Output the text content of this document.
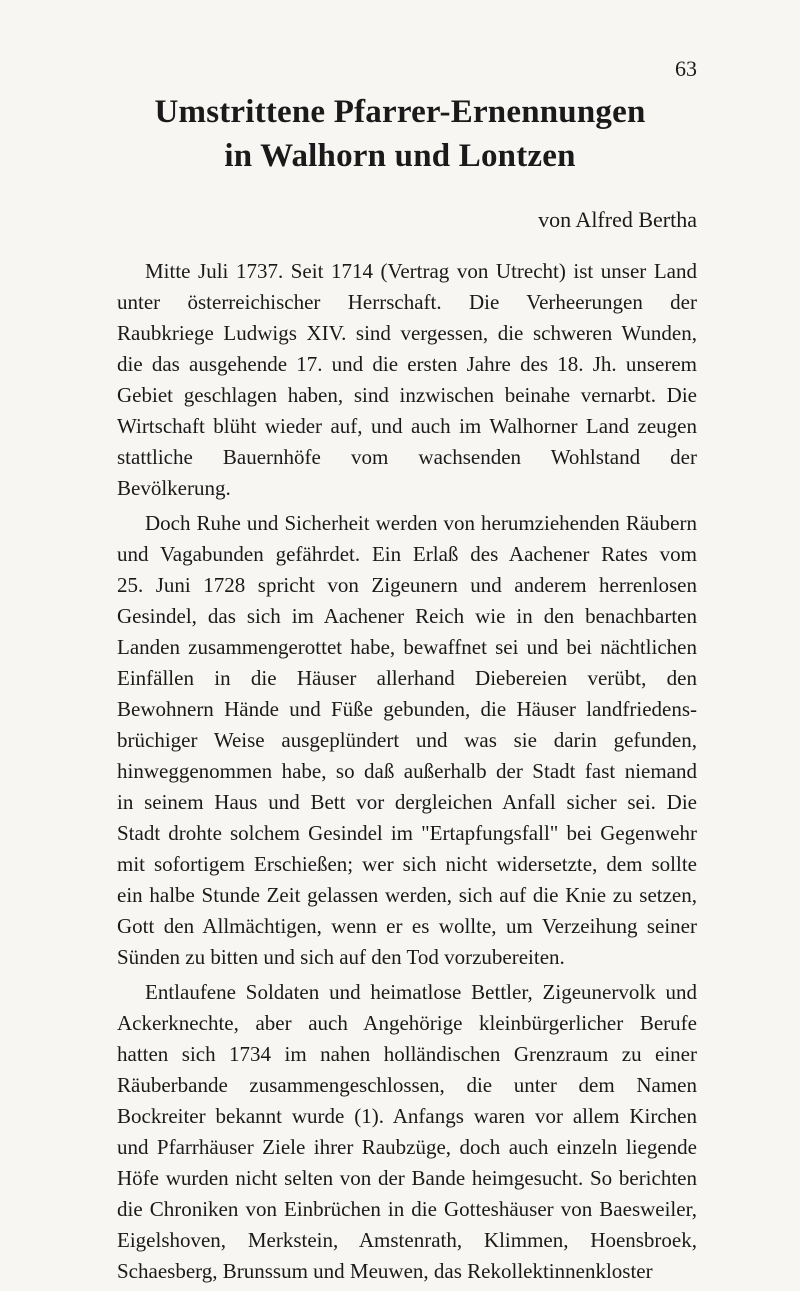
63
Umstrittene Pfarrer-Ernennungen
in Walhorn und Lontzen
von Alfred Bertha

Mitte Juli 1737. Seit 1714 (Vertrag von Utrecht) ist unser Land
unter österreichischer Herrschaft. Die Verheerungen der
Raubkriege Ludwigs XIV. sind vergessen, die schweren Wunden,
die das ausgehende 17. und die ersten Jahre des 18. Jh. unserem
Gebiet geschlagen haben, sind inzwischen beinahe vernarbt. Die
Wirtschaft blüht wieder auf, und auch im Walhorner Land zeugen
stattliche Bauernhöfe vom wachsenden Wohlstand der
Bevölkerung.

Doch Ruhe und Sicherheit werden von herumziehenden Räubern
und Vagabunden gefährdet. Ein Erlaß des Aachener Rates vom
25. Juni 1728 spricht von Zigeunern und anderem herrenlosen
Gesindel, das sich im Aachener Reich wie in den benachbarten
Landen zusammengerottet habe, bewaffnet sei und bei nächtlichen
Einfällen in die Häuser allerhand Diebereien verübt, den
Bewohnern Hände und Füße gebunden, die Häuser landfriedens-
brüchiger Weise ausgeplündert und was sie darin gefunden,
hinweggenommen habe, so daß außerhalb der Stadt fast niemand
in seinem Haus und Bett vor dergleichen Anfall sicher sei. Die
Stadt drohte solchem Gesindel im "Ertapfungsfall" bei Gegenwehr
mit sofortigem Erschießen; wer sich nicht widersetzte, dem sollte
ein halbe Stunde Zeit gelassen werden, sich auf die Knie zu setzen,
Gott den Allmächtigen, wenn er es wollte, um Verzeihung seiner
Sünden zu bitten und sich auf den Tod vorzubereiten.

Entlaufene Soldaten und heimatlose Bettler, Zigeunervolk und
Ackerknechte, aber auch Angehörige kleinbürgerlicher Berufe
hatten sich 1734 im nahen holländischen Grenzraum zu einer
Räuberbande zusammengeschlossen, die unter dem Namen
Bockreiter bekannt wurde (1). Anfangs waren vor allem Kirchen
und Pfarrhäuser Ziele ihrer Raubzüge, doch auch einzeln liegende
Höfe wurden nicht selten von der Bande heimgesucht. So berichten
die Chroniken von Einbrüchen in die Gotteshäuser von Baesweiler,
Eigelshoven, Merkstein, Amstenrath, Klimmen, Hoensbroek,
Schaesberg, Brunssum und Meuwen, das Rekollektinnenkloster
